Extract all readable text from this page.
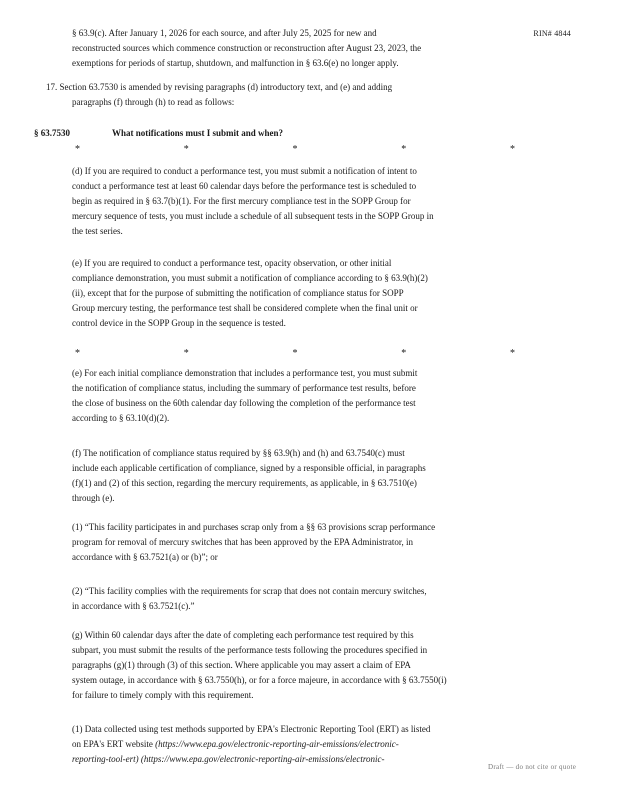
RIN# 4844

§ 63.9(c). After January 1, 2026 for each source, and after July 25, 2025 for new and

reconstructed sources which commence construction or reconstruction after August 23, 2023, the

exemptions for periods of startup, shutdown, and malfunction in § 63.6(e) no longer apply.

17. Section 63.7530 is amended by revising paragraphs (d) introductory text, and (e) and adding

paragraphs (f) through (h) to read as follows:

§ 63.7530	What notifications must I submit and when?
*	*	*	*	*

(d) If you are required to conduct a performance test, you must submit a notification of intent to

conduct a performance test at least 60 calendar days before the performance test is scheduled to

begin as required in § 63.7(b)(1). For the first mercury compliance test in the SOPP Group for

mercury sequence of tests, you must include a schedule of all subsequent tests in the SOPP Group in

the test series.

(e) If you are required to conduct a performance test, opacity observation, or other initial

compliance demonstration, you must submit a notification of compliance according to § 63.9(h)(2)

(ii), except that for the purpose of submitting the notification of compliance status for SOPP

Group mercury testing, the performance test shall be considered complete when the final unit or

control device in the SOPP Group in the sequence is tested.

*	*	*	*	*

(e) For each initial compliance demonstration that includes a performance test, you must submit

the notification of compliance status, including the summary of performance test results, before

the close of business on the 60th calendar day following the completion of the performance test

according to § 63.10(d)(2).

(f) The notification of compliance status required by §§ 63.9(h) and (h) and 63.7540(c) must

include each applicable certification of compliance, signed by a responsible official, in paragraphs

(f)(1) and (2) of this section, regarding the mercury requirements, as applicable, in § 63.7510(e)

through (e).

(1) “This facility participates in and purchases scrap only from a §§ 63 provisions scrap performance

program for removal of mercury switches that has been approved by the EPA Administrator, in

accordance with § 63.7521(a) or (b)”; or

(2) “This facility complies with the requirements for scrap that does not contain mercury switches,

in accordance with § 63.7521(c).”

(g) Within 60 calendar days after the date of completing each performance test required by this

subpart, you must submit the results of the performance tests following the procedures specified in

paragraphs (g)(1) through (3) of this section. Where applicable you may assert a claim of EPA

system outage, in accordance with § 63.7550(h), or for a force majeure, in accordance with § 63.7550(i)

for failure to timely comply with this requirement.

(1) Data collected using test methods supported by EPA's Electronic Reporting Tool (ERT) as listed

on EPA's ERT website (https://www.epa.gov/electronic-reporting-air-emissions/electronic-

reporting-tool-ert) (https://www.epa.gov/electronic-reporting-air-emissions/electronic-

Draft — do not cite or quote
